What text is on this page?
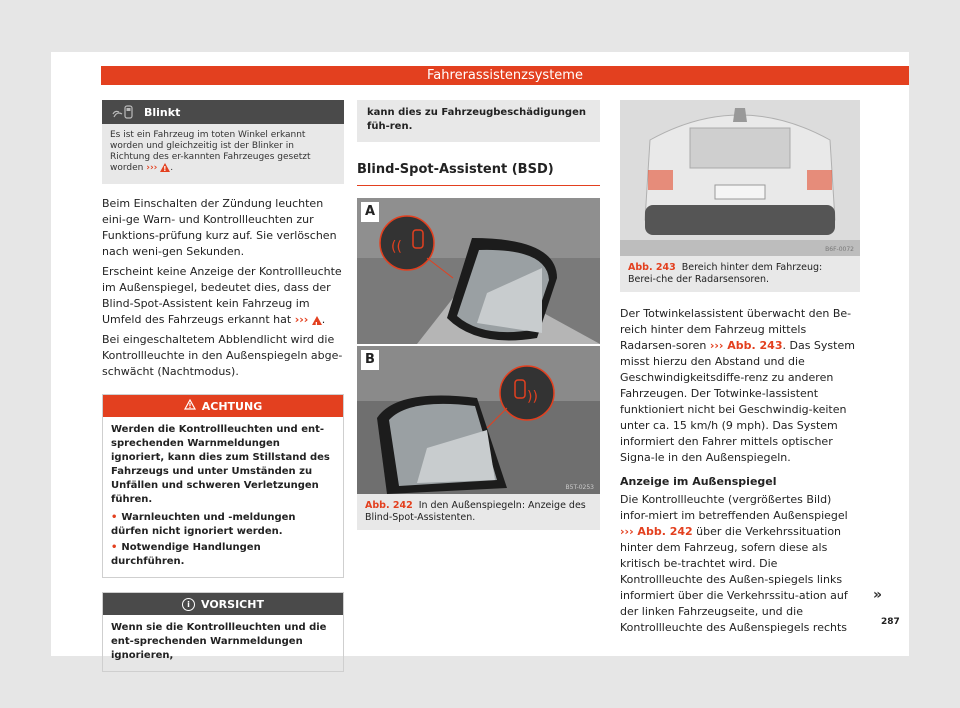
Fahrerassistenzsysteme
Blinkt
Es ist ein Fahrzeug im toten Winkel erkannt worden und gleichzeitig ist der Blinker in Richtung des er-kannten Fahrzeuges gesetzt worden ››› ! .

Beim Einschalten der Zündung leuchten eini-ge Warn- und Kontrollleuchten zur Funktions-prüfung kurz auf. Sie verlöschen nach weni-gen Sekunden.

Erscheint keine Anzeige der Kontrollleuchte im Außenspiegel, bedeutet dies, dass der Blind-Spot-Assistent kein Fahrzeug im Umfeld des Fahrzeugs erkannt hat ››› ! .

Bei eingeschaltetem Abblendlicht wird die Kontrollleuchte in den Außenspiegeln abge-schwächt (Nachtmodus).

ACHTUNG
Werden die Kontrollleuchten und ent-sprechenden Warnmeldungen ignoriert, kann dies zum Stillstand des Fahrzeugs und unter Umständen zu Unfällen und schweren Verletzungen führen.
• Warnleuchten und -meldungen dürfen nicht ignoriert werden.
• Notwendige Handlungen durchführen.
i	VORSICHT
Wenn sie die Kontrollleuchten und die ent-sprechenden Warnmeldungen ignorieren,
kann dies zu Fahrzeugbeschädigungen füh-ren.
Blind-Spot-Assistent (BSD)
((
))
A
B
B5T-0253
Abb. 242 In den Außenspiegeln: Anzeige des Blind-Spot-Assistenten.
B6F-0072
Abb. 243 Bereich hinter dem Fahrzeug: Berei-che der Radarsensoren.

Der Totwinkelassistent überwacht den Be-reich hinter dem Fahrzeug mittels Radarsen-soren ››› Abb. 243. Das System misst hierzu den Abstand und die Geschwindigkeitsdiffe-renz zu anderen Fahrzeugen. Der Totwinke-lassistent funktioniert nicht bei Geschwindig-keiten unter ca. 15 km/h (9 mph). Das System informiert den Fahrer mittels optischer Signa-le in den Außenspiegeln.

Anzeige im Außenspiegel

Die Kontrollleuchte (vergrößertes Bild) infor-miert im betreffenden Außenspiegel ››› Abb. 242 über die Verkehrssituation hinter dem Fahrzeug, sofern diese als kritisch be-trachtet wird. Die Kontrollleuchte des Außen-spiegels links informiert über die Verkehrssitu-ation auf der linken Fahrzeugseite, und die Kontrollleuchte des Außenspiegels rechts

»
287
